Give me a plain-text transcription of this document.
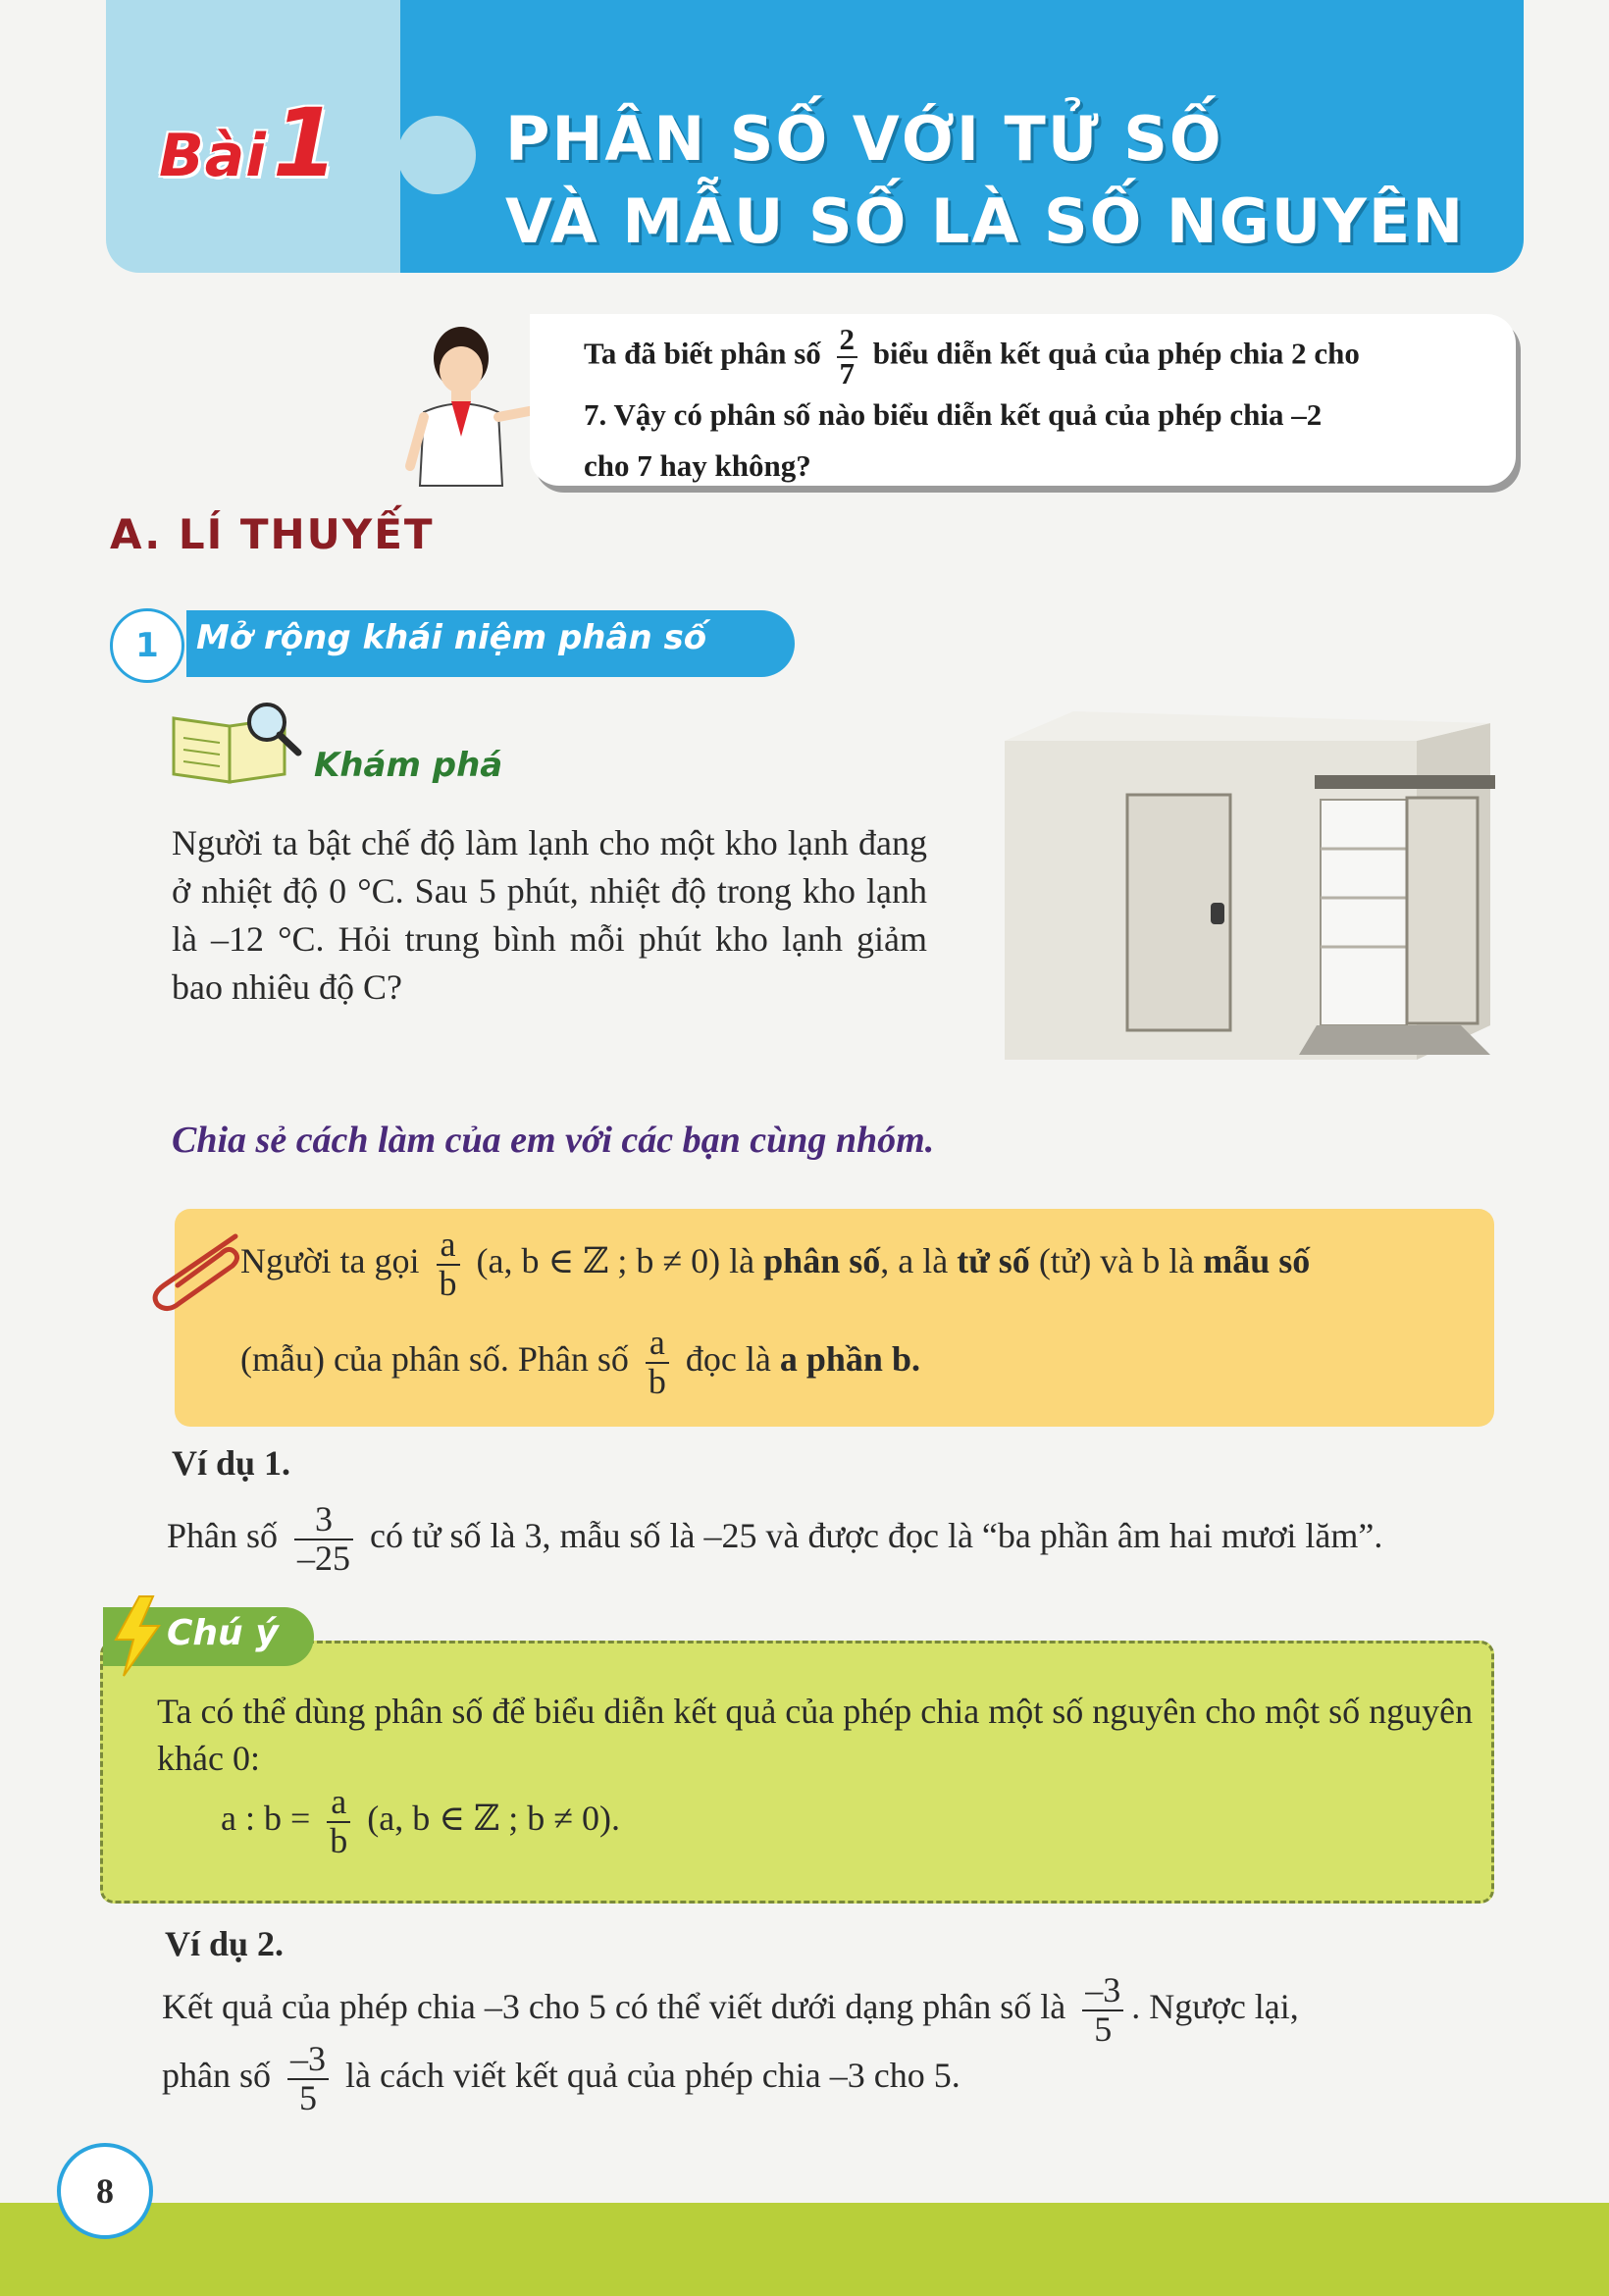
Bài1	PHÂN SỐ VỚI TỬ SỐ
VÀ MẪU SỐ LÀ SỐ NGUYÊN
Ta đã biết phân số $\frac{2}{7}$ biểu diễn kết quả của phép chia 2 cho
7. Vậy có phân số nào biểu diễn kết quả của phép chia –2
cho 7 hay không?
A. LÍ THUYẾT
1	Mở rộng khái niệm phân số
Khám phá
Người ta bật chế độ làm lạnh cho một kho lạnh đang ở nhiệt độ 0 °C. Sau 5 phút, nhiệt độ trong kho lạnh là –12 °C. Hỏi trung bình mỗi phút kho lạnh giảm bao nhiêu độ C?
Chia sẻ cách làm của em với các bạn cùng nhóm.
Người ta gọi $\frac{a}{b} (a$, b ∈ ℤ ; b ≠ 0) là phân số, a là tử số (tử) và b là mẫu số
(mẫu) của phân số. Phân số $\frac{a}{b}$ đọc là a phần b.
Ví dụ 1.
Phân số $\frac{3}{-25}$ có tử số là 3, mẫu số là –25 và được đọc là “ba phần âm hai mươi lăm”.
Chú ý
Ta có thể dùng phân số để biểu diễn kết quả của phép chia một số nguyên cho một số nguyên khác 0:
a : $b = \frac{a}{b} (a$, b ∈ ℤ ; b ≠ 0).
Ví dụ 2.
Kết quả của phép chia –3 cho 5 có thể viết dưới dạng phân số là $\frac{-3}{5}$ . Ngược lại,
phân số $\frac{-3}{5}$ là cách viết kết quả của phép chia –3 cho 5.
8
